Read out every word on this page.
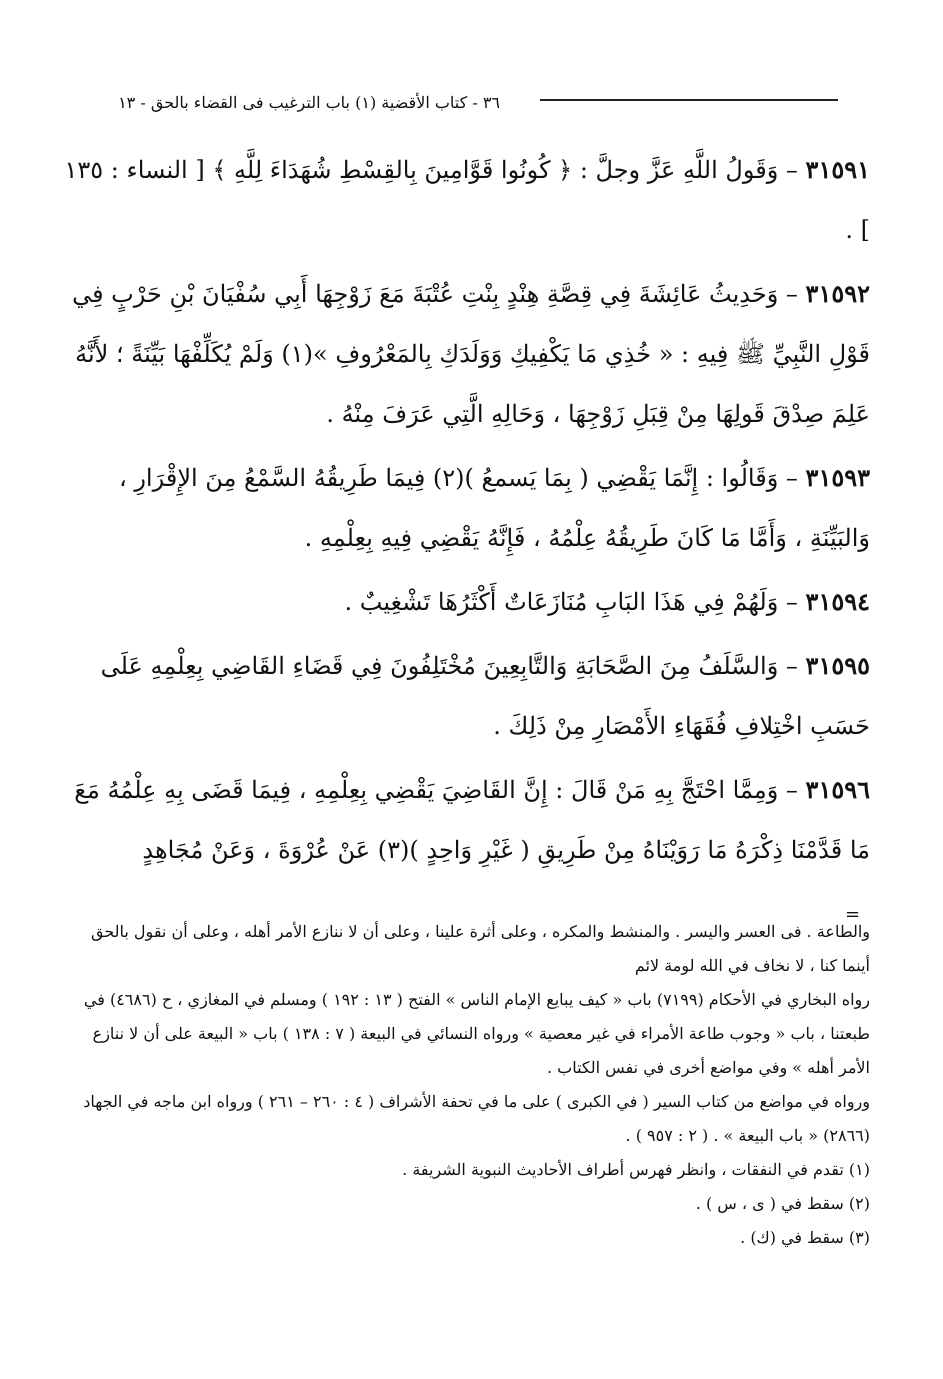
٣٦ - كتاب الأقضية (١) باب الترغيب فى القضاء بالحق - ١٣

٣١٥٩١ – وَقَولُ اللَّهِ عَزَّ وجلَّ : ﴿ كُونُوا قَوَّامِينَ بِالقِسْطِ شُهَدَاءَ لِلَّهِ ﴾ [ النساء : ١٣٥ ] .

٣١٥٩٢ – وَحَدِيثُ عَائِشَةَ فِي قِصَّةِ هِنْدٍ بِنْتِ عُتْبَةَ مَعَ زَوْجِهَا أَبِي سُفْيَانَ بْنِ حَرْبٍ فِي قَوْلِ النَّبِيِّ ﷺ فِيهِ : « خُذِي مَا يَكْفِيكِ وَوَلَدَكِ بِالمَعْرُوفِ »(١) وَلَمْ يُكَلِّفْهَا بَيِّنَةً ؛ لأَنَّهُ عَلِمَ صِدْقَ قَولِهَا مِنْ قِبَلِ زَوْجِهَا ، وَحَالِهِ الَّتِي عَرَفَ مِنْهُ .

٣١٥٩٣ – وَقَالُوا : إِنَّمَا يَقْضِي ( بِمَا يَسمعُ )(٢) فِيمَا طَرِيقُهُ السَّمْعُ مِنَ الإِقْرَارِ ، وَالبَيِّنَةِ ، وَأَمَّا مَا كَانَ طَرِيقُهُ عِلْمُهُ ، فَإِنَّهُ يَقْضِي فِيهِ بِعِلْمِهِ .

٣١٥٩٤ – وَلَهُمْ فِي هَذَا البَابِ مُنَازَعَاتٌ أَكْثَرُهَا تَشْغِيبٌ .

٣١٥٩٥ – وَالسَّلَفُ مِنَ الصَّحَابَةِ وَالتَّابِعِينَ مُخْتَلِفُونَ فِي قَضَاءِ القَاضِي بِعِلْمِهِ عَلَى حَسَبِ اخْتِلافِ فُقَهَاءِ الأَمْصَارِ مِنْ ذَلِكَ .

٣١٥٩٦ – وَمِمَّا احْتَجَّ بِهِ مَنْ قَالَ : إِنَّ القَاضِيَ يَقْضِي بِعِلْمِهِ ، فِيمَا قَضَى بِهِ عِلْمُهُ مَعَ مَا قَدَّمْنَا ذِكْرَهُ مَا رَوَيْنَاهُ مِنْ طَرِيقِ ( غَيْرِ وَاحِدٍ )(٣) عَنْ عُرْوَةَ ، وَعَنْ مُجَاهِدٍ

=

والطاعة . فى العسر واليسر . والمنشط والمكره ، وعلى أثرة علينا ، وعلى أن لا ننازع الأمر أهله ، وعلى أن نقول بالحق أينما كنا ، لا نخاف في الله لومة لائم

رواه البخاري في الأحكام (٧١٩٩) باب « كيف يبايع الإمام الناس » الفتح ( ١٣ : ١٩٢ ) ومسلم في المغازي ، ح (٤٦٨٦) في طبعتنا ، باب « وجوب طاعة الأمراء في غير معصية » ورواه النسائي في البيعة ( ٧ : ١٣٨ ) باب « البيعة على أن لا ننازع الأمر أهله » وفي مواضع أخرى في نفس الكتاب .

ورواه في مواضع من كتاب السير ( في الكبرى ) على ما في تحفة الأشراف ( ٤ : ٢٦٠ – ٢٦١ ) ورواه ابن ماجه في الجهاد (٢٨٦٦) « باب البيعة » . ( ٢ : ٩٥٧ ) .

(١) تقدم في النفقات ، وانظر فهرس أطراف الأحاديث النبوية الشريفة .

(٢) سقط في ( ى ، س ) .

(٣) سقط في (ك) .
